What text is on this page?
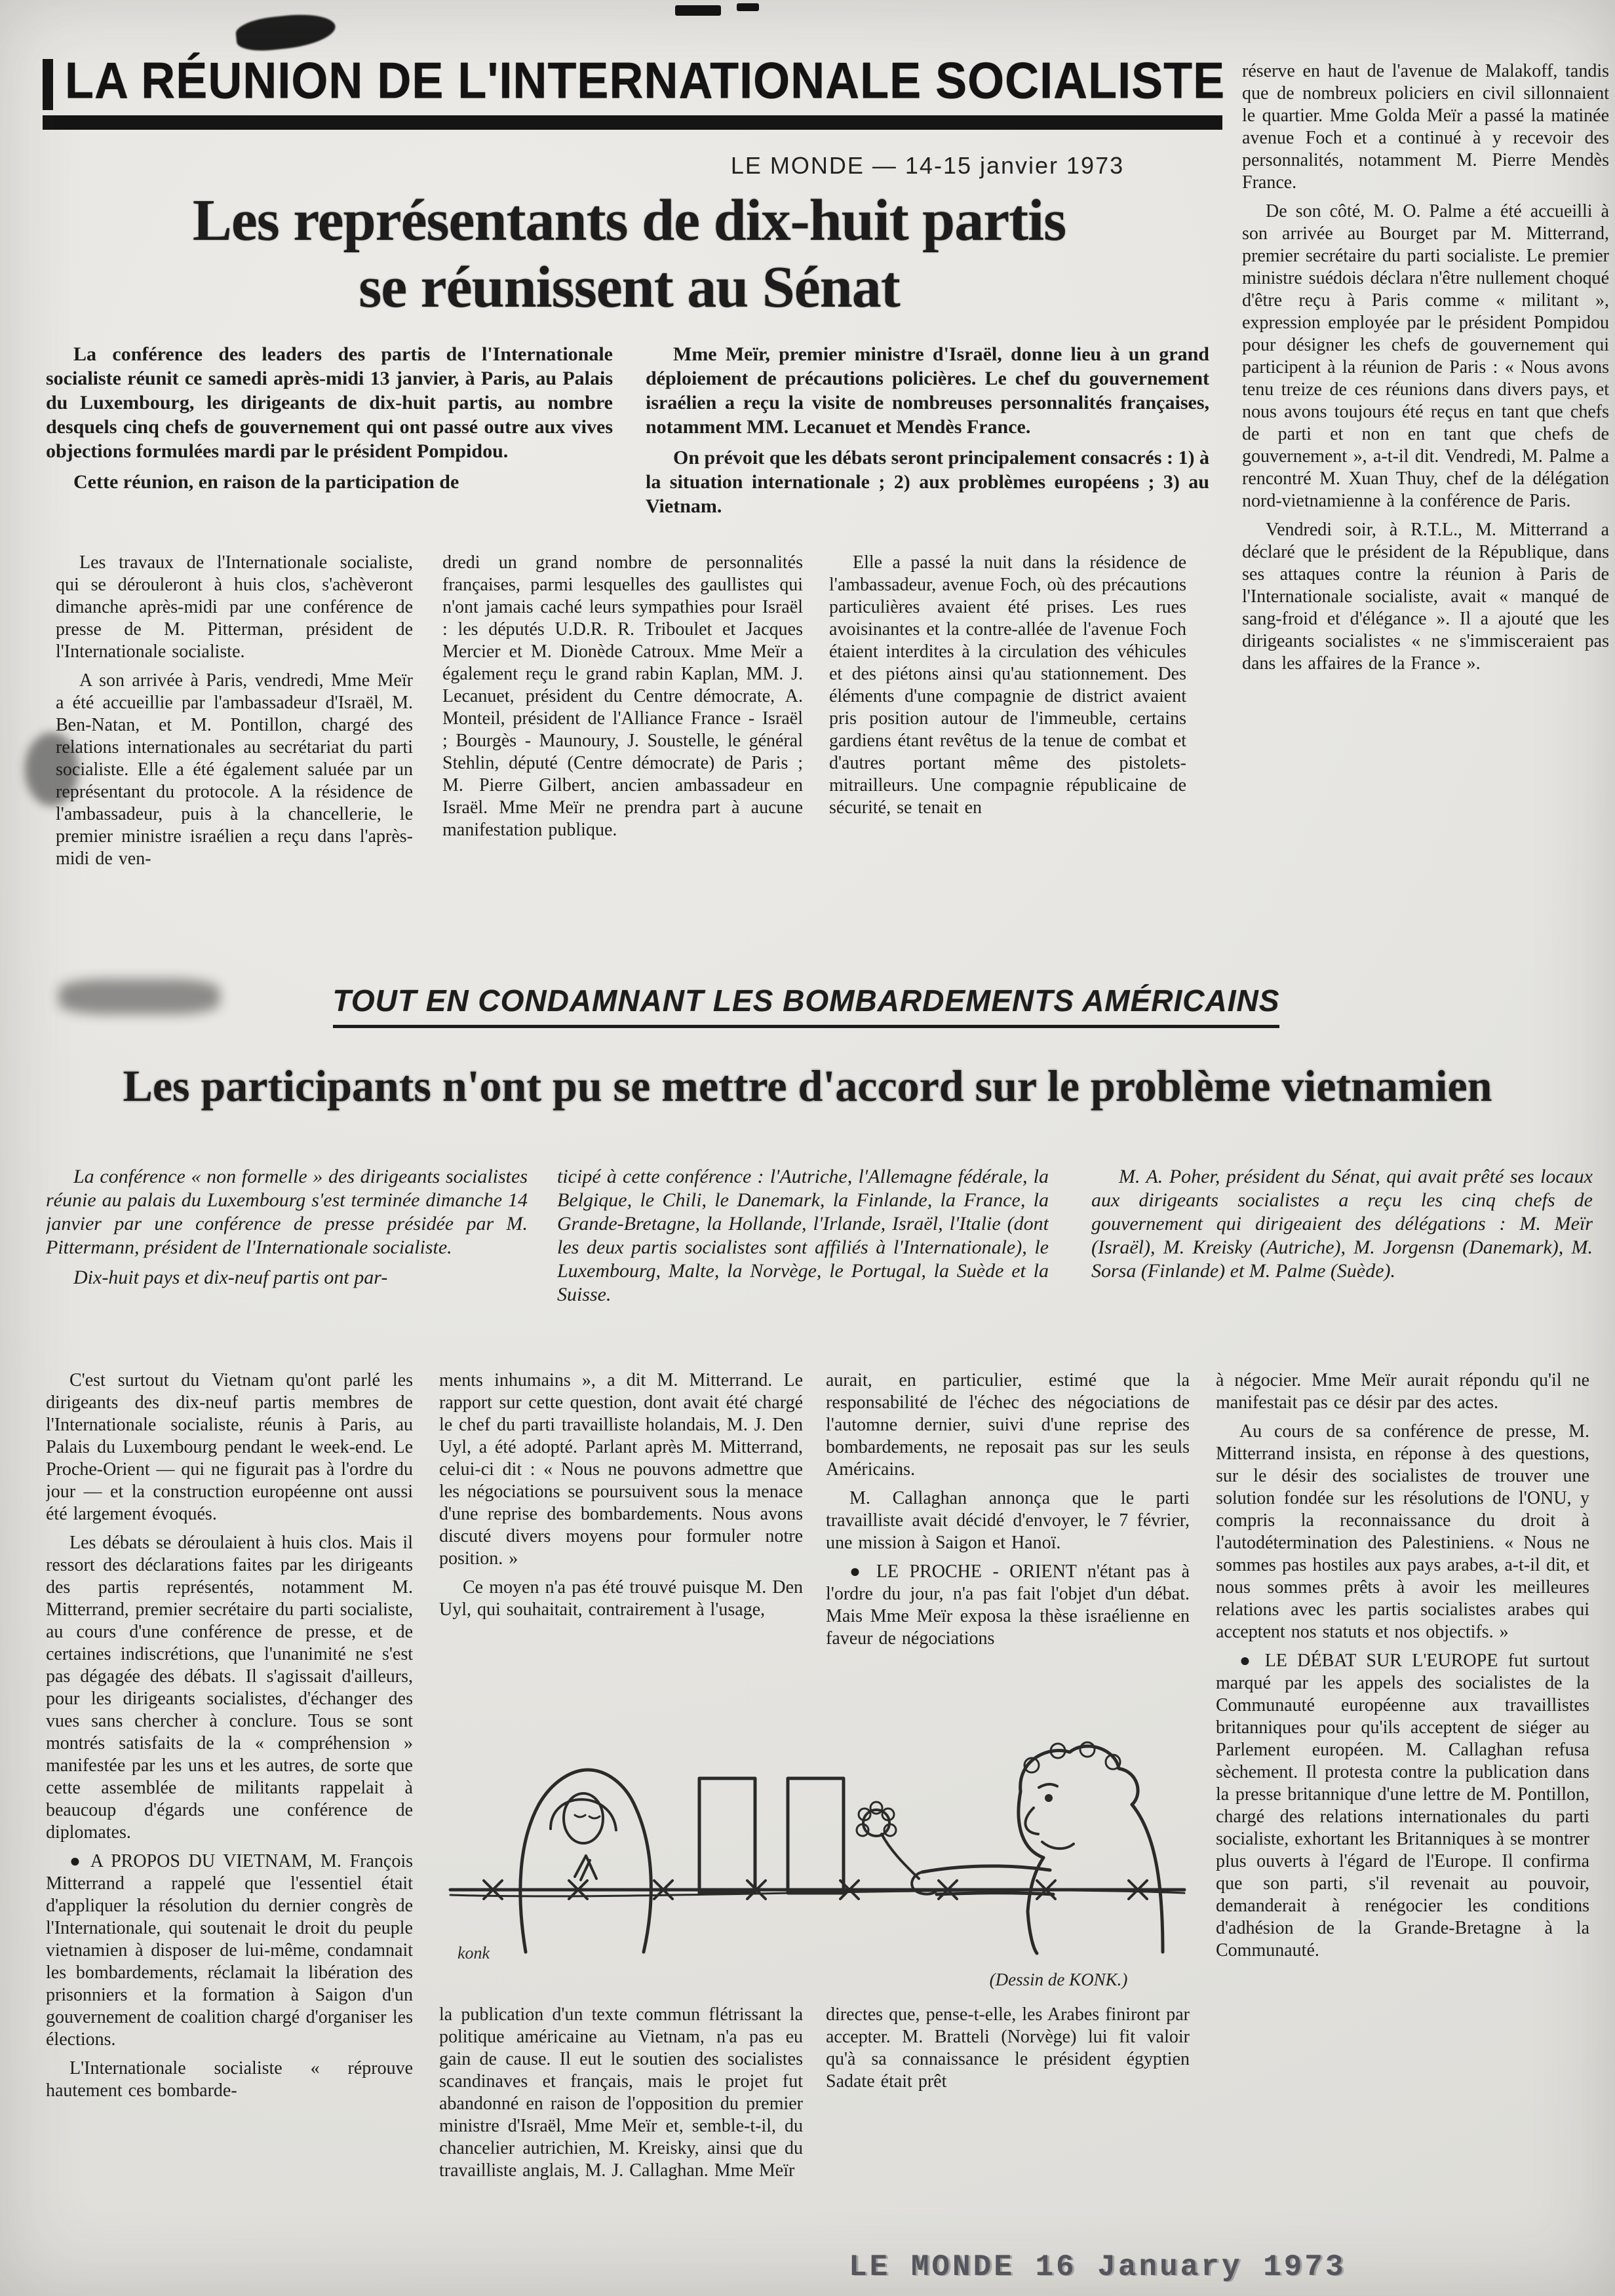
LA RÉUNION DE L'INTERNATIONALE SOCIALISTE
LE MONDE — 14-15 janvier 1973
Les représentants de dix-huit partis
se réunissent au Sénat

La conférence des leaders des partis de l'Internationale socialiste réunit ce samedi après-midi 13 janvier, à Paris, au Palais du Luxembourg, les dirigeants de dix-huit partis, au nombre desquels cinq chefs de gouvernement qui ont passé outre aux vives objections formulées mardi par le président Pompidou.

Cette réunion, en raison de la participation de

Mme Meïr, premier ministre d'Israël, donne lieu à un grand déploiement de précautions policières. Le chef du gouvernement israélien a reçu la visite de nombreuses personnalités françaises, notamment MM. Lecanuet et Mendès France.

On prévoit que les débats seront principalement consacrés : 1) à la situation internationale ; 2) aux problèmes européens ; 3) au Vietnam.

Les travaux de l'Internationale socialiste, qui se dérouleront à huis clos, s'achèveront dimanche après-midi par une conférence de presse de M. Pitterman, président de l'Internationale socialiste.

A son arrivée à Paris, vendredi, Mme Meïr a été accueillie par l'ambassadeur d'Israël, M. Ben-Natan, et M. Pontillon, chargé des relations internationales au secrétariat du parti socialiste. Elle a été également saluée par un représentant du protocole. A la résidence de l'ambassadeur, puis à la chancellerie, le premier ministre israélien a reçu dans l'après-midi de ven-

dredi un grand nombre de personnalités françaises, parmi lesquelles des gaullistes qui n'ont jamais caché leurs sympathies pour Israël : les députés U.D.R. R. Triboulet et Jacques Mercier et M. Dionède Catroux. Mme Meïr a également reçu le grand rabin Kaplan, MM. J. Lecanuet, président du Centre démocrate, A. Monteil, président de l'Alliance France - Israël ; Bourgès - Maunoury, J. Soustelle, le général Stehlin, député (Centre démocrate) de Paris ; M. Pierre Gilbert, ancien ambassadeur en Israël. Mme Meïr ne prendra part à aucune manifestation publique.

Elle a passé la nuit dans la résidence de l'ambassadeur, avenue Foch, où des précautions particulières avaient été prises. Les rues avoisinantes et la contre-allée de l'avenue Foch étaient interdites à la circulation des véhicules et des piétons ainsi qu'au stationnement. Des éléments d'une compagnie de district avaient pris position autour de l'immeuble, certains gardiens étant revêtus de la tenue de combat et d'autres portant même des pistolets-mitrailleurs. Une compagnie républicaine de sécurité, se tenait en

réserve en haut de l'avenue de Malakoff, tandis que de nombreux policiers en civil sillonnaient le quartier. Mme Golda Meïr a passé la matinée avenue Foch et a continué à y recevoir des personnalités, notamment M. Pierre Mendès France.

De son côté, M. O. Palme a été accueilli à son arrivée au Bourget par M. Mitterrand, premier secrétaire du parti socialiste. Le premier ministre suédois déclara n'être nullement choqué d'être reçu à Paris comme « militant », expression employée par le président Pompidou pour désigner les chefs de gouvernement qui participent à la réunion de Paris : « Nous avons tenu treize de ces réunions dans divers pays, et nous avons toujours été reçus en tant que chefs de parti et non en tant que chefs de gouvernement », a-t-il dit. Vendredi, M. Palme a rencontré M. Xuan Thuy, chef de la délégation nord-vietnamienne à la conférence de Paris.

Vendredi soir, à R.T.L., M. Mitterrand a déclaré que le président de la République, dans ses attaques contre la réunion à Paris de l'Internationale socialiste, avait « manqué de sang-froid et d'élégance ». Il a ajouté que les dirigeants socialistes « ne s'immisceraient pas dans les affaires de la France ».

TOUT EN CONDAMNANT LES BOMBARDEMENTS AMÉRICAINS
Les participants n'ont pu se mettre d'accord sur le problème vietnamien

La conférence « non formelle » des dirigeants socialistes réunie au palais du Luxembourg s'est terminée dimanche 14 janvier par une conférence de presse présidée par M. Pittermann, président de l'Internationale socialiste.

Dix-huit pays et dix-neuf partis ont par-

ticipé à cette conférence : l'Autriche, l'Allemagne fédérale, la Belgique, le Chili, le Danemark, la Finlande, la France, la Grande-Bretagne, la Hollande, l'Irlande, Israël, l'Italie (dont les deux partis socialistes sont affiliés à l'Internationale), le Luxembourg, Malte, la Norvège, le Portugal, la Suède et la Suisse.

M. A. Poher, président du Sénat, qui avait prêté ses locaux aux dirigeants socialistes a reçu les cinq chefs de gouvernement qui dirigeaient des délégations : M. Meïr (Israël), M. Kreisky (Autriche), M. Jorgensn (Danemark), M. Sorsa (Finlande) et M. Palme (Suède).

C'est surtout du Vietnam qu'ont parlé les dirigeants des dix-neuf partis membres de l'Internationale socialiste, réunis à Paris, au Palais du Luxembourg pendant le week-end. Le Proche-Orient — qui ne figurait pas à l'ordre du jour — et la construction européenne ont aussi été largement évoqués.

Les débats se déroulaient à huis clos. Mais il ressort des déclarations faites par les dirigeants des partis représentés, notamment M. Mitterrand, premier secrétaire du parti socialiste, au cours d'une conférence de presse, et de certaines indiscrétions, que l'unanimité ne s'est pas dégagée des débats. Il s'agissait d'ailleurs, pour les dirigeants socialistes, d'échanger des vues sans chercher à conclure. Tous se sont montrés satisfaits de la « compréhension » manifestée par les uns et les autres, de sorte que cette assemblée de militants rappelait à beaucoup d'égards une conférence de diplomates.

● A PROPOS DU VIETNAM, M. François Mitterrand a rappelé que l'essentiel était d'appliquer la résolution du dernier congrès de l'Internationale, qui soutenait le droit du peuple vietnamien à disposer de lui-même, condamnait les bombardements, réclamait la libération des prisonniers et la formation à Saigon d'un gouvernement de coalition chargé d'organiser les élections.

L'Internationale socialiste « réprouve hautement ces bombarde-

ments inhumains », a dit M. Mitterrand. Le rapport sur cette question, dont avait été chargé le chef du parti travailliste holandais, M. J. Den Uyl, a été adopté. Parlant après M. Mitterrand, celui-ci dit : « Nous ne pouvons admettre que les négociations se poursuivent sous la menace d'une reprise des bombardements. Nous avons discuté divers moyens pour formuler notre position. »

Ce moyen n'a pas été trouvé puisque M. Den Uyl, qui souhaitait, contrairement à l'usage,

aurait, en particulier, estimé que la responsabilité de l'échec des négociations de l'automne dernier, suivi d'une reprise des bombardements, ne reposait pas sur les seuls Américains.

M. Callaghan annonça que le parti travailliste avait décidé d'envoyer, le 7 février, une mission à Saigon et Hanoï.

● LE PROCHE - ORIENT n'étant pas à l'ordre du jour, n'a pas fait l'objet d'un débat. Mais Mme Meïr exposa la thèse israélienne en faveur de négociations

konk
(Dessin de KONK.)

la publication d'un texte commun flétrissant la politique américaine au Vietnam, n'a pas eu gain de cause. Il eut le soutien des socialistes scandinaves et français, mais le projet fut abandonné en raison de l'opposition du premier ministre d'Israël, Mme Meïr et, semble-t-il, du chancelier autrichien, M. Kreisky, ainsi que du travailliste anglais, M. J. Callaghan. Mme Meïr

directes que, pense-t-elle, les Arabes finiront par accepter. M. Bratteli (Norvège) lui fit valoir qu'à sa connaissance le président égyptien Sadate était prêt

à négocier. Mme Meïr aurait répondu qu'il ne manifestait pas ce désir par des actes.

Au cours de sa conférence de presse, M. Mitterrand insista, en réponse à des questions, sur le désir des socialistes de trouver une solution fondée sur les résolutions de l'ONU, y compris la reconnaissance du droit à l'autodétermination des Palestiniens. « Nous ne sommes pas hostiles aux pays arabes, a-t-il dit, et nous sommes prêts à avoir les meilleures relations avec les partis socialistes arabes qui acceptent nos statuts et nos objectifs. »

● LE DÉBAT SUR L'EUROPE fut surtout marqué par les appels des socialistes de la Communauté européenne aux travaillistes britanniques pour qu'ils acceptent de siéger au Parlement européen. M. Callaghan refusa sèchement. Il protesta contre la publication dans la presse britannique d'une lettre de M. Pontillon, chargé des relations internationales du parti socialiste, exhortant les Britanniques à se montrer plus ouverts à l'égard de l'Europe. Il confirma que son parti, s'il revenait au pouvoir, demanderait à renégocier les conditions d'adhésion de la Grande-Bretagne à la Communauté.

LE MONDE 16 January 1973
